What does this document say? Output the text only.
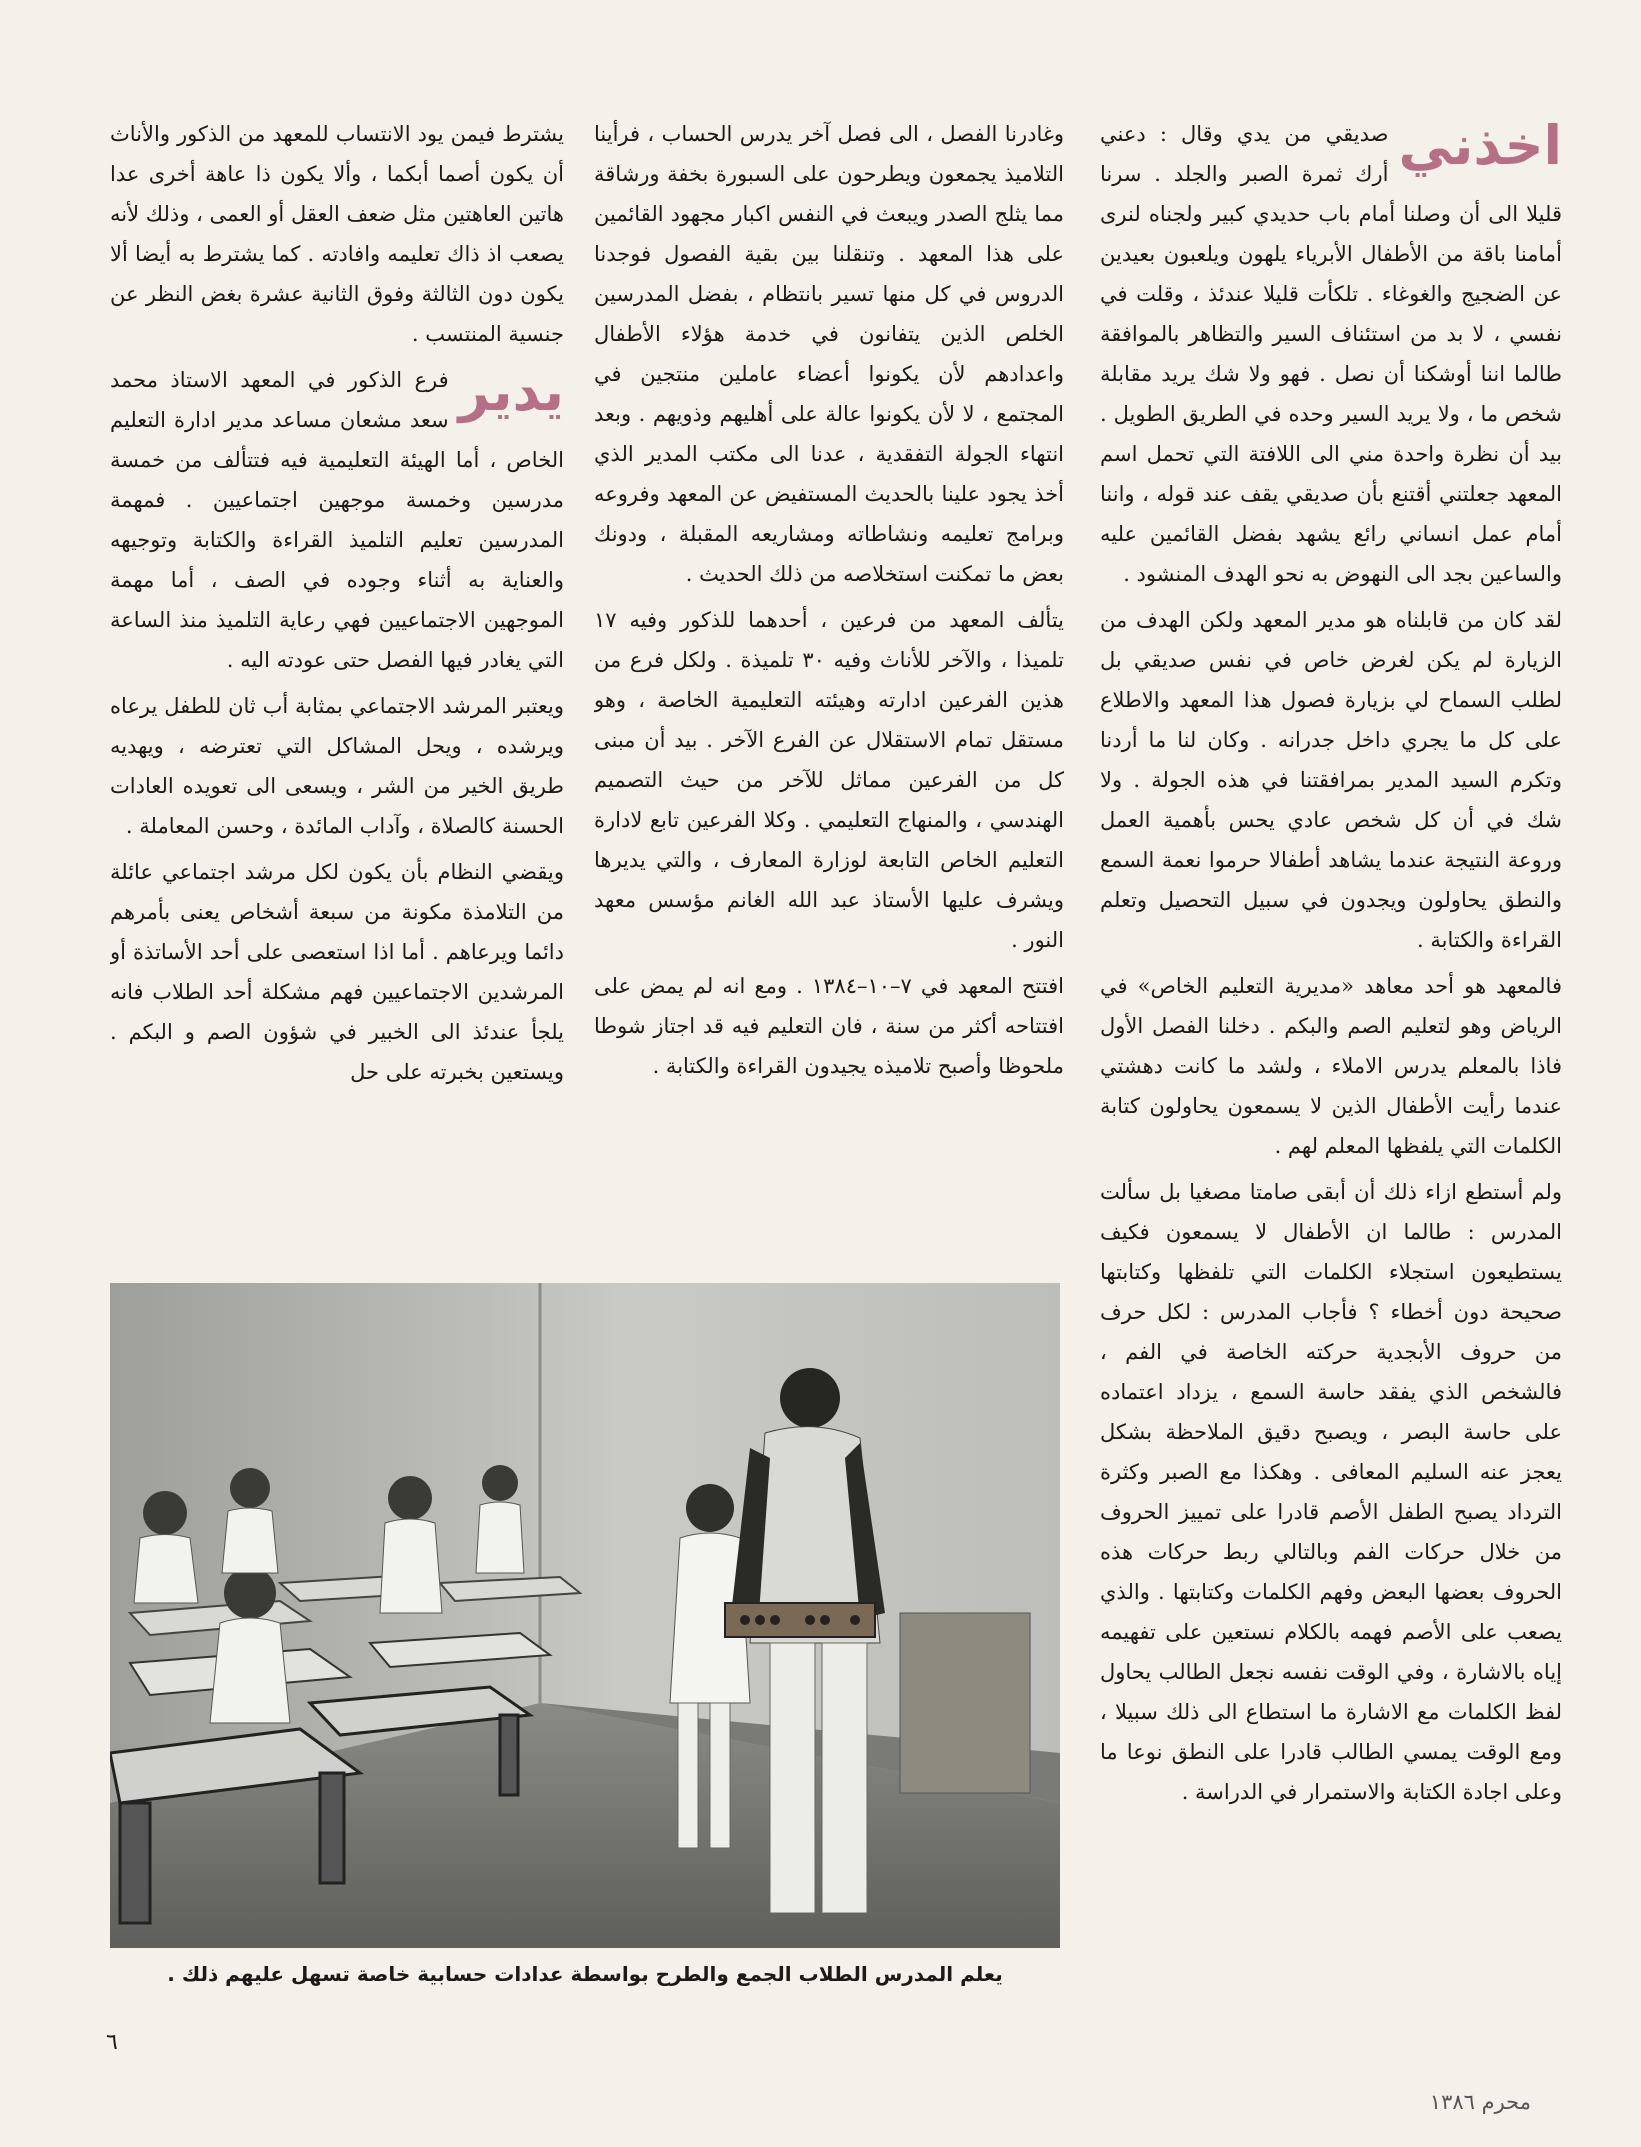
اخذني

صديقي من يدي وقال : دعني أرك ثمرة الصبر والجلد . سرنا قليلا الى أن وصلنا أمام باب حديدي كبير ولجناه لنرى أمامنا باقة من الأطفال الأبرياء يلهون ويلعبون بعيدين عن الضجيج والغوغاء . تلكأت قليلا عندئذ ، وقلت في نفسي ، لا بد من استئناف السير والتظاهر بالموافقة طالما اننا أوشكنا أن نصل . فهو ولا شك يريد مقابلة شخص ما ، ولا يريد السير وحده في الطريق الطويل . بيد أن نظرة واحدة مني الى اللافتة التي تحمل اسم المعهد جعلتني أقتنع بأن صديقي يقف عند قوله ، واننا أمام عمل انساني رائع يشهد بفضل القائمين عليه والساعين بجد الى النهوض به نحو الهدف المنشود .

لقد كان من قابلناه هو مدير المعهد ولكن الهدف من الزيارة لم يكن لغرض خاص في نفس صديقي بل لطلب السماح لي بزيارة فصول هذا المعهد والاطلاع على كل ما يجري داخل جدرانه . وكان لنا ما أردنا وتكرم السيد المدير بمرافقتنا في هذه الجولة . ولا شك في أن كل شخص عادي يحس بأهمية العمل وروعة النتيجة عندما يشاهد أطفالا حرموا نعمة السمع والنطق يحاولون ويجدون في سبيل التحصيل وتعلم القراءة والكتابة .

فالمعهد هو أحد معاهد «مديرية التعليم الخاص» في الرياض وهو لتعليم الصم والبكم . دخلنا الفصل الأول فاذا بالمعلم يدرس الاملاء ، ولشد ما كانت دهشتي عندما رأيت الأطفال الذين لا يسمعون يحاولون كتابة الكلمات التي يلفظها المعلم لهم .

ولم أستطع ازاء ذلك أن أبقى صامتا مصغيا بل سألت المدرس : طالما ان الأطفال لا يسمعون فكيف يستطيعون استجلاء الكلمات التي تلفظها وكتابتها صحيحة دون أخطاء ؟ فأجاب المدرس : لكل حرف من حروف الأبجدية حركته الخاصة في الفم ، فالشخص الذي يفقد حاسة السمع ، يزداد اعتماده على حاسة البصر ، ويصبح دقيق الملاحظة بشكل يعجز عنه السليم المعافى . وهكذا مع الصبر وكثرة الترداد يصبح الطفل الأصم قادرا على تمييز الحروف من خلال حركات الفم وبالتالي ربط حركات هذه الحروف بعضها البعض وفهم الكلمات وكتابتها . والذي يصعب على الأصم فهمه بالكلام نستعين على تفهيمه إياه بالاشارة ، وفي الوقت نفسه نجعل الطالب يحاول لفظ الكلمات مع الاشارة ما استطاع الى ذلك سبيلا ، ومع الوقت يمسي الطالب قادرا على النطق نوعا ما وعلى اجادة الكتابة والاستمرار في الدراسة .

وغادرنا الفصل ، الى فصل آخر يدرس الحساب ، فرأينا التلاميذ يجمعون ويطرحون على السبورة بخفة ورشاقة مما يثلج الصدر ويبعث في النفس اكبار مجهود القائمين على هذا المعهد . وتنقلنا بين بقية الفصول فوجدنا الدروس في كل منها تسير بانتظام ، بفضل المدرسين الخلص الذين يتفانون في خدمة هؤلاء الأطفال واعدادهم لأن يكونوا أعضاء عاملين منتجين في المجتمع ، لا لأن يكونوا عالة على أهليهم وذويهم . وبعد انتهاء الجولة التفقدية ، عدنا الى مكتب المدير الذي أخذ يجود علينا بالحديث المستفيض عن المعهد وفروعه وبرامج تعليمه ونشاطاته ومشاريعه المقبلة ، ودونك بعض ما تمكنت استخلاصه من ذلك الحديث .

يتألف المعهد من فرعين ، أحدهما للذكور وفيه ١٧ تلميذا ، والآخر للأناث وفيه ٣٠ تلميذة . ولكل فرع من هذين الفرعين ادارته وهيئته التعليمية الخاصة ، وهو مستقل تمام الاستقلال عن الفرع الآخر . بيد أن مبنى كل من الفرعين مماثل للآخر من حيث التصميم الهندسي ، والمنهاج التعليمي . وكلا الفرعين تابع لادارة التعليم الخاص التابعة لوزارة المعارف ، والتي يديرها ويشرف عليها الأستاذ عبد الله الغانم مؤسس معهد النور .

افتتح المعهد في ٧–١٠–١٣٨٤ . ومع انه لم يمض على افتتاحه أكثر من سنة ، فان التعليم فيه قد اجتاز شوطا ملحوظا وأصبح تلاميذه يجيدون القراءة والكتابة .

يشترط فيمن يود الانتساب للمعهد من الذكور والأناث أن يكون أصما أبكما ، وألا يكون ذا عاهة أخرى عدا هاتين العاهتين مثل ضعف العقل أو العمى ، وذلك لأنه يصعب اذ ذاك تعليمه وافادته . كما يشترط به أيضا ألا يكون دون الثالثة وفوق الثانية عشرة بغض النظر عن جنسية المنتسب .

يدير
فرع الذكور في المعهد الاستاذ محمد سعد مشعان مساعد مدير ادارة التعليم الخاص ، أما الهيئة التعليمية فيه فتتألف من خمسة مدرسين وخمسة موجهين اجتماعيين . فمهمة المدرسين تعليم التلميذ القراءة والكتابة وتوجيهه والعناية به أثناء وجوده في الصف ، أما مهمة الموجهين الاجتماعيين فهي رعاية التلميذ منذ الساعة التي يغادر فيها الفصل حتى عودته اليه .

ويعتبر المرشد الاجتماعي بمثابة أب ثان للطفل يرعاه ويرشده ، ويحل المشاكل التي تعترضه ، ويهديه طريق الخير من الشر ، ويسعى الى تعويده العادات الحسنة كالصلاة ، وآداب المائدة ، وحسن المعاملة .

ويقضي النظام بأن يكون لكل مرشد اجتماعي عائلة من التلامذة مكونة من سبعة أشخاص يعنى بأمرهم دائما ويرعاهم . أما اذا استعصى على أحد الأساتذة أو المرشدين الاجتماعيين فهم مشكلة أحد الطلاب فانه يلجأ عندئذ الى الخبير في شؤون الصم و البكم . ويستعين بخبرته على حل

يعلم المدرس الطلاب الجمع والطرح بواسطة عدادات حسابية خاصة تسهل عليهم ذلك .
٦
محرم ١٣٨٦
